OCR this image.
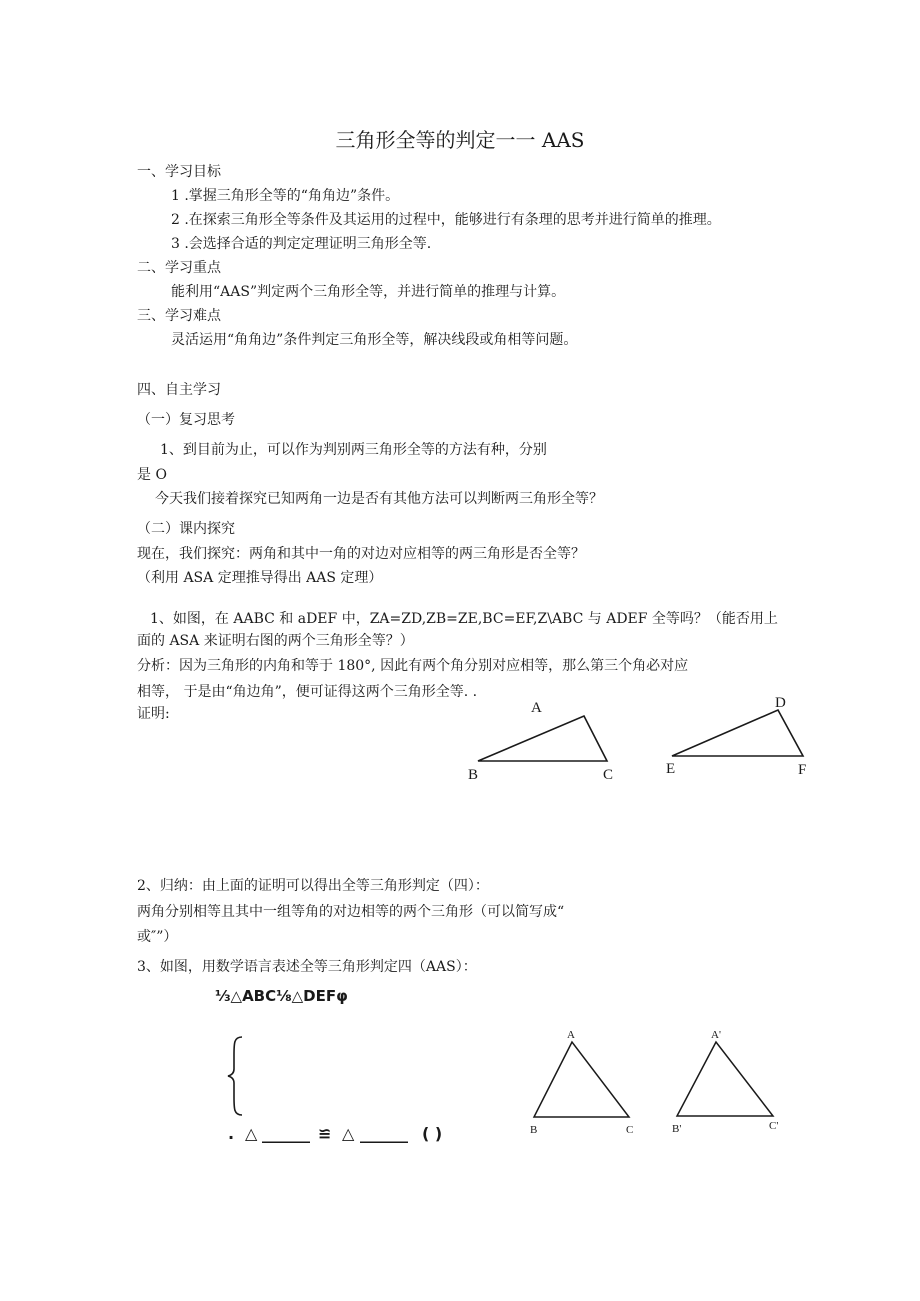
三角形全等的判定一一 AAS
一、学习目标
1 .掌握三角形全等的“角角边”条件。
2 .在探索三角形全等条件及其运用的过程中，能够进行有条理的思考并进行简单的推理。
3 .会选择合适的判定定理证明三角形全等.
二、学习重点
能利用“AAS”判定两个三角形全等，并进行简单的推理与计算。
三、学习难点
灵活运用“角角边”条件判定三角形全等，解决线段或角相等问题。
四、自主学习
（一）复习思考
1、到目前为止，可以作为判别两三角形全等的方法有种，分别
是 O
今天我们接着探究已知两角一边是否有其他方法可以判断两三角形全等？
（二）课内探究
现在，我们探究：两角和其中一角的对边对应相等的两三角形是否全等？
（利用 ASA 定理推导得出 AAS 定理）
1、如图，在 AABC 和 aDEF 中，ZA=ZD,ZB=ZE,BC=EF,Z\ABC 与 ADEF 全等吗？（能否用上
面的 ASA 来证明右图的两个三角形全等？）
分析：因为三角形的内角和等于 180°, 因此有两个角分别对应相等，那么第三个角必对应
相等， 于是由“角边角”，便可证得这两个三角形全等. .
证明:	A
B	C
D
E	F
2、归纳：由上面的证明可以得出全等三角形判定（四）：
两角分别相等且其中一组等角的对边相等的两个三角形（可以简写成“
或″”）
3、如图，用数学语言表述全等三角形判定四（AAS）：
⅓△ABC⅛△DEFφ
. △ ______ ≌ △ ______ ( )
A
B	C
A'
B'	C'
